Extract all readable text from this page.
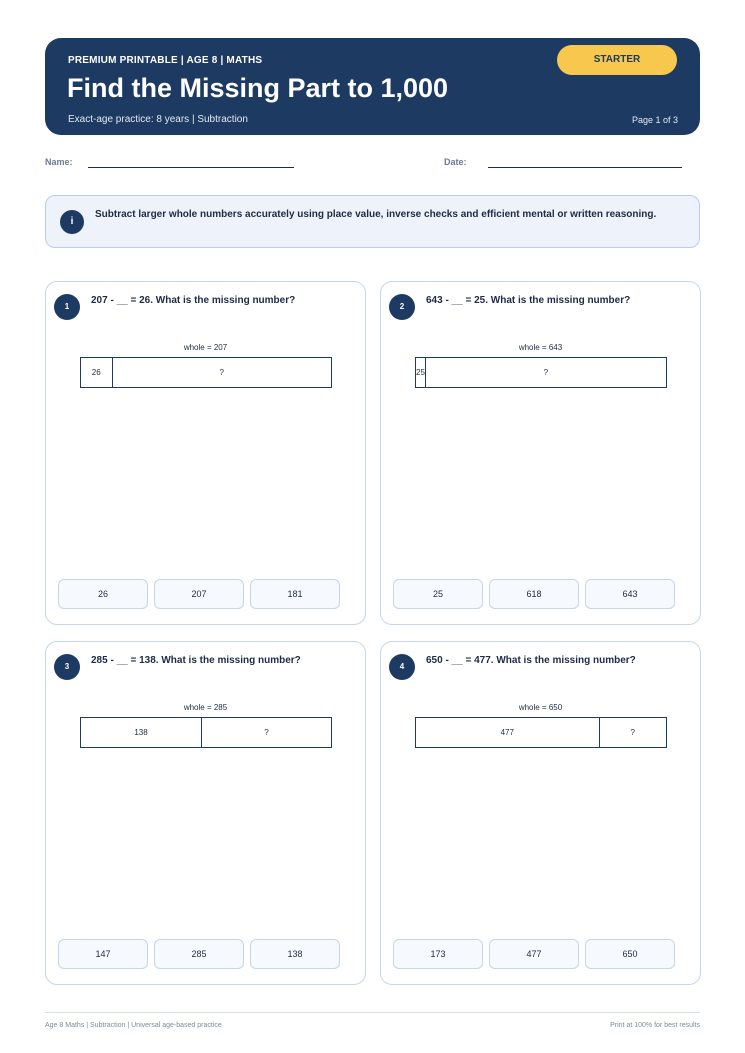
PREMIUM PRINTABLE | AGE 8 | MATHS
Find the Missing Part to 1,000
Exact-age practice: 8 years | Subtraction	Page 1 of 3
STARTER
Name:	Date:
i
Subtract larger whole numbers accurately using place value, inverse checks and efficient mental or written reasoning.
1
207 - __ = 26. What is the missing number?
whole = 207
26	?
26	207	181
2
643 - __ = 25. What is the missing number?
whole = 643
25	?
25	618	643
3
285 - __ = 138. What is the missing number?
whole = 285
138	?
147	285	138
4
650 - __ = 477. What is the missing number?
whole = 650
477	?
173	477	650
Age 8 Maths | Subtraction | Universal age-based practice	Print at 100% for best results
